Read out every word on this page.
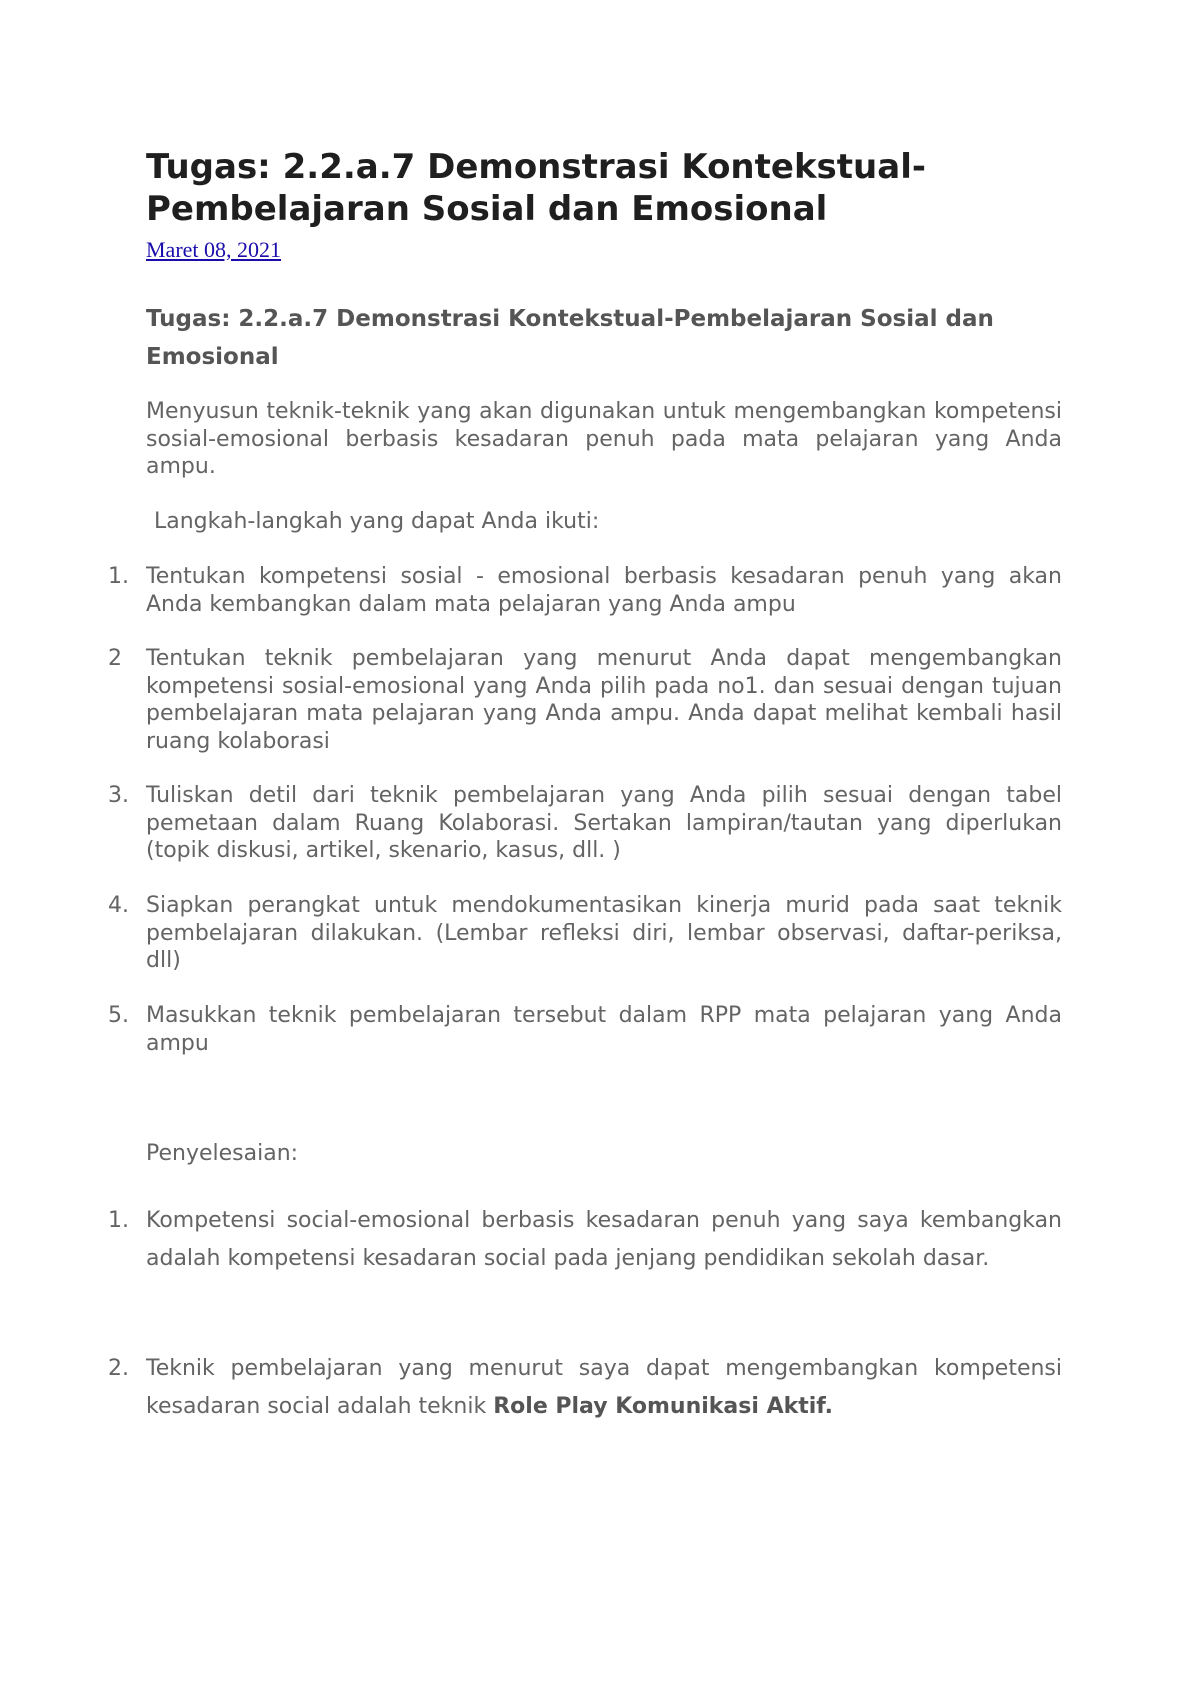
Tugas: 2.2.a.7 Demonstrasi Kontekstual-Pembelajaran Sosial dan Emosional
Maret 08, 2021
Tugas: 2.2.a.7 Demonstrasi Kontekstual-Pembelajaran Sosial dan Emosional

Menyusun teknik-teknik yang akan digunakan untuk mengembangkan kompetensi sosial-emosional berbasis kesadaran penuh pada mata pelajaran yang Anda ampu.

Langkah-langkah yang dapat Anda ikuti:

1. Tentukan kompetensi sosial - emosional berbasis kesadaran penuh yang akan Anda kembangkan dalam mata pelajaran yang Anda ampu

2 Tentukan teknik pembelajaran yang menurut Anda dapat mengembangkan kompetensi sosial-emosional yang Anda pilih pada no1. dan sesuai dengan tujuan pembelajaran mata pelajaran yang Anda ampu. Anda dapat melihat kembali hasil ruang kolaborasi

3. Tuliskan detil dari teknik pembelajaran yang Anda pilih sesuai dengan tabel pemetaan dalam Ruang Kolaborasi. Sertakan lampiran/tautan yang diperlukan (topik diskusi, artikel, skenario, kasus, dll. )

4. Siapkan perangkat untuk mendokumentasikan kinerja murid pada saat teknik pembelajaran dilakukan. (Lembar refleksi diri, lembar observasi, daftar-periksa, dll)

5. Masukkan teknik pembelajaran tersebut dalam RPP mata pelajaran yang Anda ampu

Penyelesaian:

1. Kompetensi social-emosional berbasis kesadaran penuh yang saya kembangkan adalah kompetensi kesadaran social pada jenjang pendidikan sekolah dasar.

2. Teknik pembelajaran yang menurut saya dapat mengembangkan kompetensi kesadaran social adalah teknik Role Play Komunikasi Aktif.
